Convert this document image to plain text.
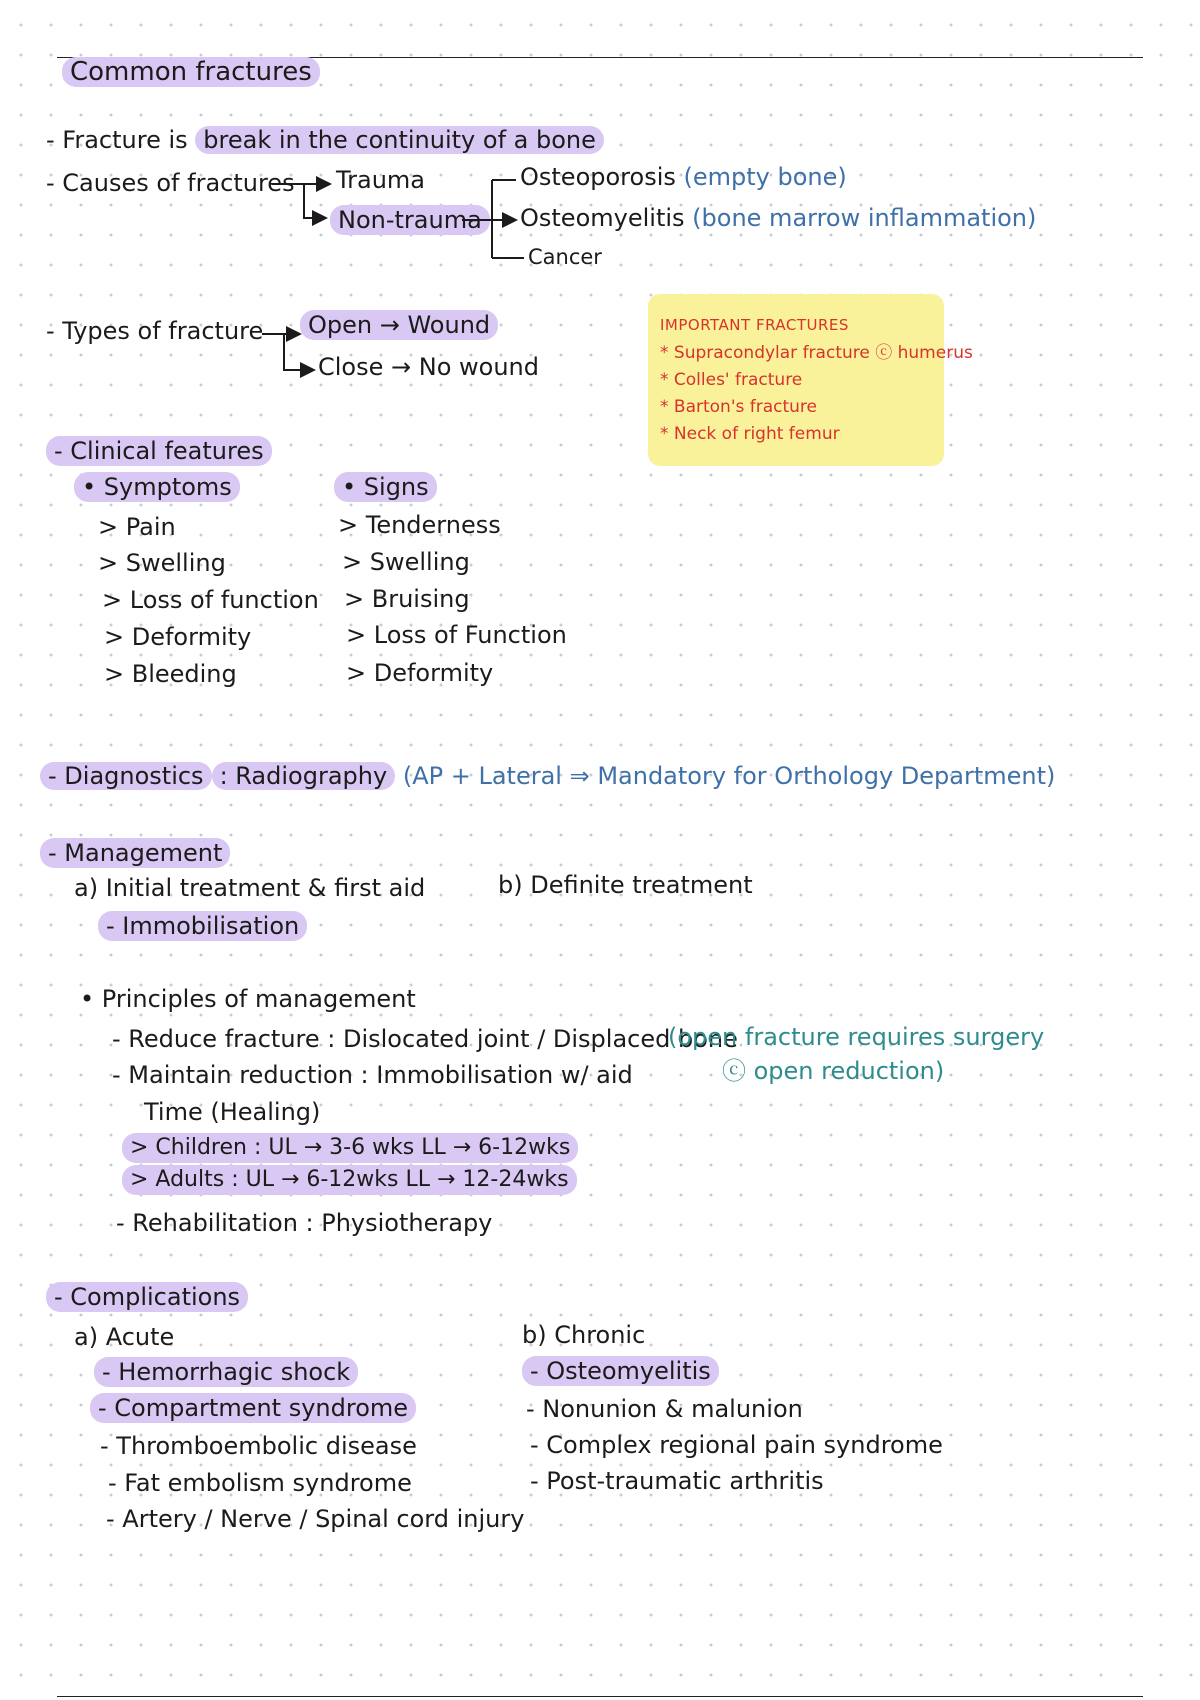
Common fractures
- Fracture is break in the continuity of a bone
- Causes of fractures Trauma
Non-trauma
Osteoporosis (empty bone)
Osteomyelitis (bone marrow inflammation)
Cancer
- Types of fracture	Open → Wound
Close → No wound
IMPORTANT FRACTURES
* Supracondylar fracture ⓒ humerus
* Colles' fracture
* Barton's fracture
* Neck of right femur
- Clinical features
• Symptoms
> Pain
> Swelling
> Loss of function
> Deformity
> Bleeding
• Signs
> Tenderness
> Swelling
> Bruising
> Loss of Function
> Deformity
- Diagnostics : Radiography (AP + Lateral ⇒ Mandatory for Orthology Department)
- Management
a) Initial treatment & first aid
- Immobilisation
b) Definite treatment
• Principles of management
- Reduce fracture : Dislocated joint / Displaced bone
(open fracture requires surgery
ⓒ open reduction)
- Maintain reduction : Immobilisation w/ aid
Time (Healing)
> Children : UL → 3-6 wks LL → 6-12wks
> Adults : UL → 6-12wks LL → 12-24wks
- Rehabilitation : Physiotherapy
- Complications
a) Acute
- Hemorrhagic shock
- Compartment syndrome
- Thromboembolic disease
- Fat embolism syndrome
- Artery / Nerve / Spinal cord injury
b) Chronic
- Osteomyelitis
- Nonunion & malunion
- Complex regional pain syndrome
- Post-traumatic arthritis
